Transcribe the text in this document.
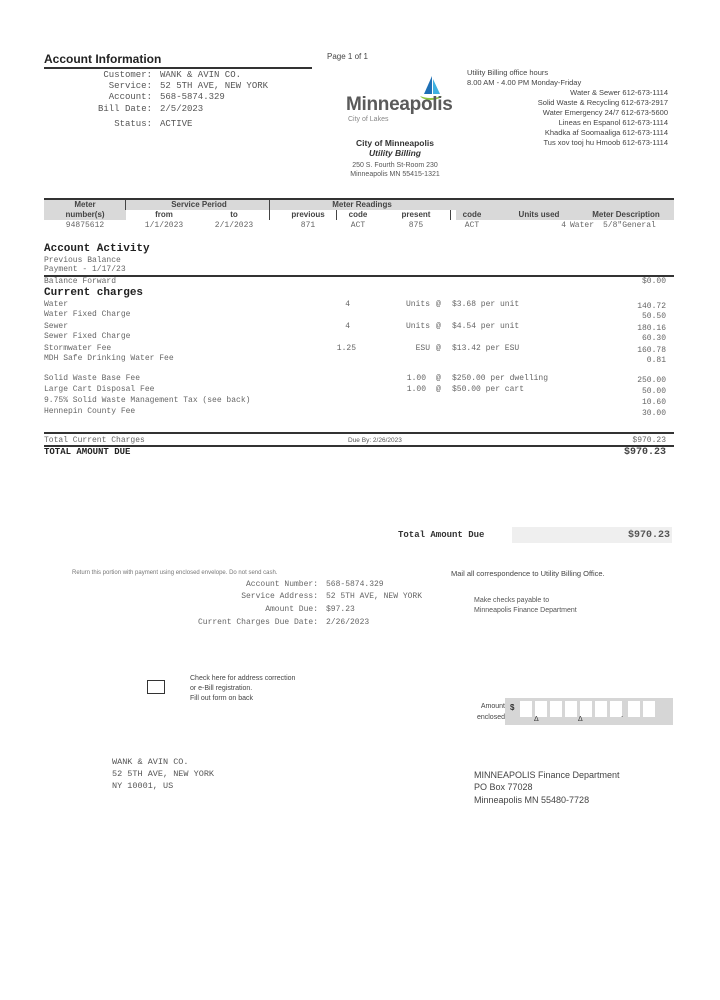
Account Information
Customer: WANK & AVIN CO.
Service: 52 5TH AVE, NEW YORK
Account: 568-5874.329
Bill Date: 2/5/2023
Status: ACTIVE
Page 1 of 1
Minneapolis
City of Lakes
City of Minneapolis
Utility Billing
250 S. Fourth St-Room 230
Minneapolis MN 55415-1321
Utility Billing office hours
8.00 AM - 4.00 PM Monday-Friday
Water & Sewer 612-673-1114
Solid Waste & Recycling 612-673-2917
Water Emergency 24/7 612-673-5600
Lineas en Espanol 612-673-1114
Khadka af Soomaaliga 612-673-1114
Tus xov tooj hu Hmoob 612-673-1114
Meter	Service Period	Meter Readings
number(s)	from	to	previous	code	present	code	Units used	Meter Description
94875612	1/1/2023	2/1/2023	871	ACT	875	ACT	4 Water	5/8"General
Account Activity
Previous Balance
Payment - 1/17/23
Balance Forward	$0.00
Current charges
Water	4	Units @ $3.68 per unit	140.72
Water Fixed Charge	50.50
Sewer	4	Units @ $4.54 per unit	180.16
Sewer Fixed Charge	60.30
Stormwater Fee	1.25	ESU @ $13.42 per ESU	160.78
MDH Safe Drinking Water Fee	0.81
Solid Waste Base Fee	1.00 @ $250.00 per dwelling	250.00
Large Cart Disposal Fee	1.00 @ $50.00 per cart	50.00
9.75% Solid Waste Management Tax (see back)	10.60
Hennepin County Fee	30.00
Total Current Charges	Due By: 2/26/2023	$970.23
TOTAL AMOUNT DUE	$970.23
Total Amount Due	$970.23
Return this portion with payment using enclosed envelope. Do not send cash.
Account Number:	568-5874.329
Service Address:	52 5TH AVE, NEW YORK
Amount Due:	$97.23
Current Charges Due Date:	2/26/2023
Mail all correspondence to Utility Billing Office.
Make checks payable to
Minneapolis Finance Department
Check here for address correction
or e-Bill registration.
Fill out form on back
Amount
enclosed
$
.
Δ	Δ
WANK & AVIN CO.
52 5TH AVE, NEW YORK
NY 10001, US
MINNEAPOLIS Finance Department
PO Box 77028
Minneapolis MN 55480-7728
